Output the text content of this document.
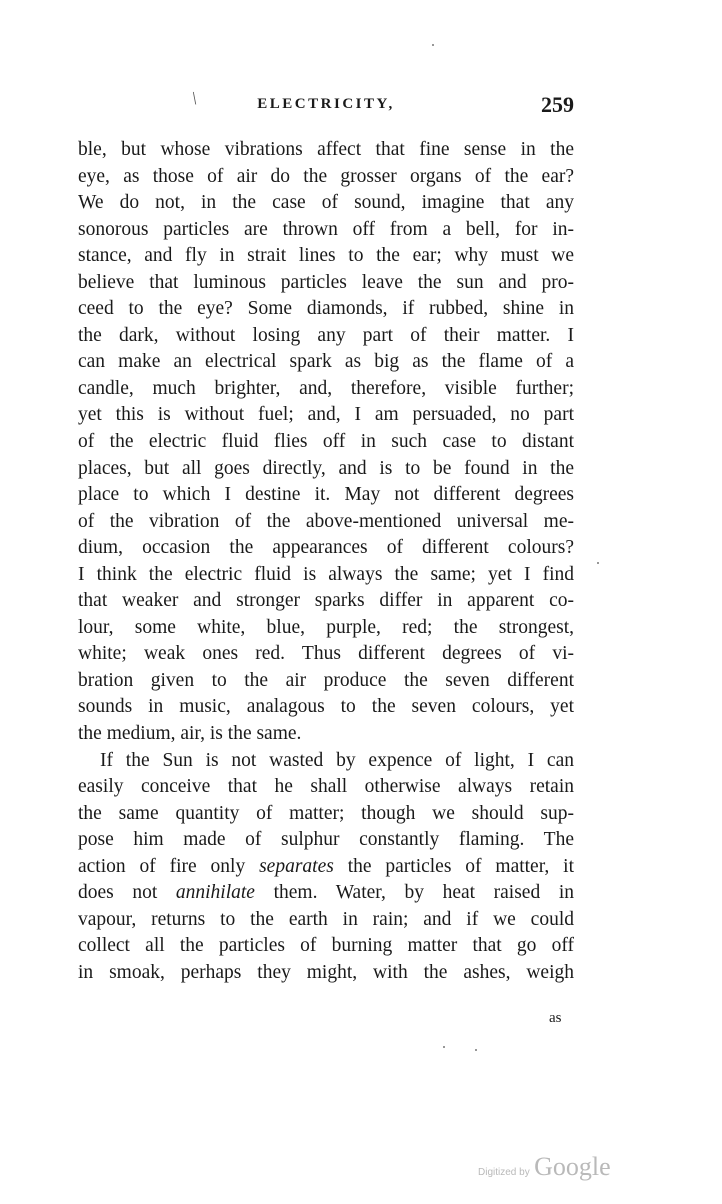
ELECTRICITY,	259
\
ble, but whose vibrations affect that fine sense in the
eye, as those of air do the grosser organs of the ear?
We do not, in the case of sound, imagine that any
sonorous particles are thrown off from a bell, for in-
stance, and fly in strait lines to the ear; why must we
believe that luminous particles leave the sun and pro-
ceed to the eye? Some diamonds, if rubbed, shine in
the dark, without losing any part of their matter. I
can make an electrical spark as big as the flame of a
candle, much brighter, and, therefore, visible further;
yet this is without fuel; and, I am persuaded, no part
of the electric fluid flies off in such case to distant
places, but all goes directly, and is to be found in the
place to which I destine it. May not different degrees
of the vibration of the above-mentioned universal me-
dium, occasion the appearances of different colours?
I think the electric fluid is always the same; yet I find
that weaker and stronger sparks differ in apparent co-
lour, some white, blue, purple, red; the strongest,
white; weak ones red. Thus different degrees of vi-
bration given to the air produce the seven different
sounds in music, analagous to the seven colours, yet
the medium, air, is the same.
If the Sun is not wasted by expence of light, I can
easily conceive that he shall otherwise always retain
the same quantity of matter; though we should sup-
pose him made of sulphur constantly flaming. The
action of fire only separates the particles of matter, it
does not annihilate them. Water, by heat raised in
vapour, returns to the earth in rain; and if we could
collect all the particles of burning matter that go off
in smoak, perhaps they might, with the ashes, weigh
as
Digitized by Google
